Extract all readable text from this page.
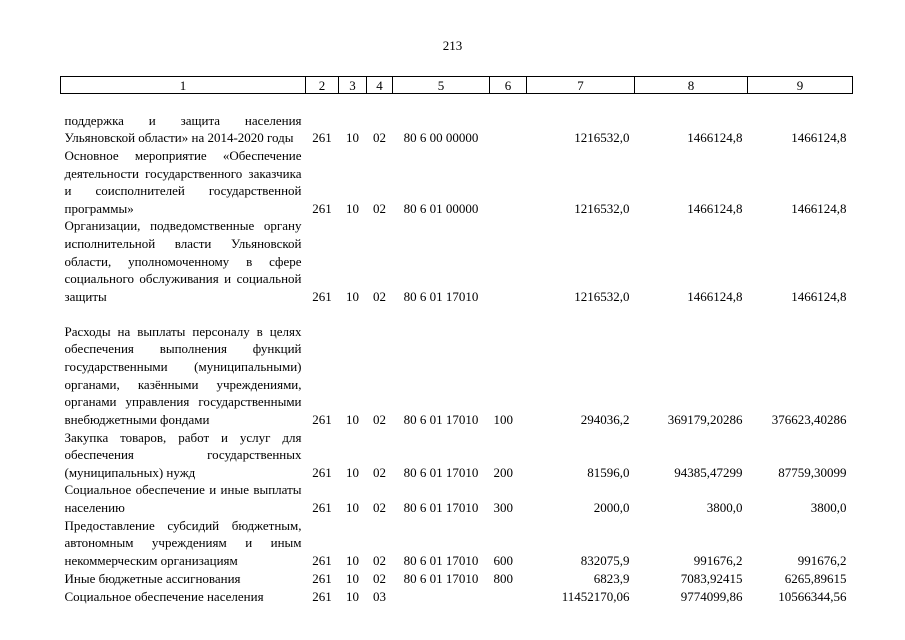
213
1	2	3	4	5	6	7	8	9
поддержка и защита населения Ульяновской области» на 2014-2020 годы	261	10	02	80 6 00 00000		1216532,0	1466124,8	1466124,8
Основное мероприятие «Обеспечение деятельности государственного заказчика и соисполнителей государственной программы»	261	10	02	80 6 01 00000		1216532,0	1466124,8	1466124,8
Организации, подведомственные органу исполнительной власти Ульяновской области, уполномоченному в сфере социального обслуживания и социальной защиты	261	10	02	80 6 01 17010		1216532,0	1466124,8	1466124,8
Расходы на выплаты персоналу в целях обеспечения выполнения функций государственными (муниципальными) органами, казёнными учреждениями, органами управления государственными внебюджетными фондами	261	10	02	80 6 01 17010	100	294036,2	369179,20286	376623,40286
Закупка товаров, работ и услуг для обеспечения государственных (муниципальных) нужд	261	10	02	80 6 01 17010	200	81596,0	94385,47299	87759,30099
Социальное обеспечение и иные выплаты населению	261	10	02	80 6 01 17010	300	2000,0	3800,0	3800,0
Предоставление субсидий бюджетным, автономным учреждениям и иным некоммерческим организациям	261	10	02	80 6 01 17010	600	832075,9	991676,2	991676,2
Иные бюджетные ассигнования	261	10	02	80 6 01 17010	800	6823,9	7083,92415	6265,89615
Социальное обеспечение населения	261	10	03			11452170,06	9774099,86	10566344,56
